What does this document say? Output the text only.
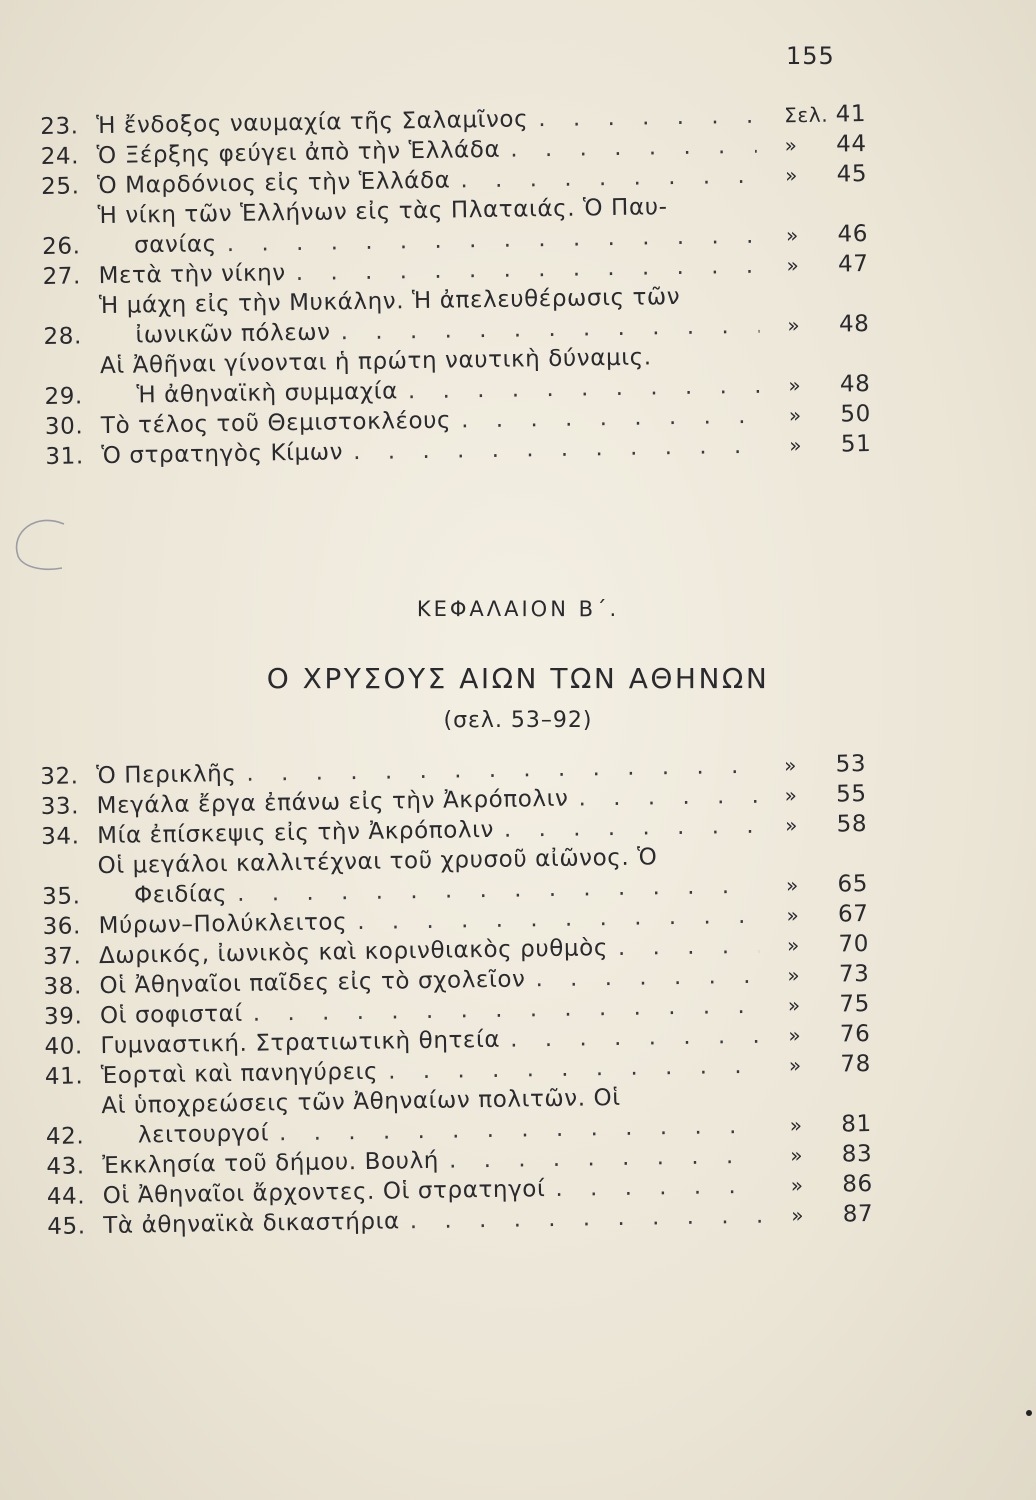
155
23. Ἡ ἔνδοξος ναυμαχία τῆς Σαλαμῖνος . . .	Σελ. 41
24. Ὁ Ξέρξης φεύγει ἀπὸ τὴν Ἑλλάδα . . .	» 44
25. Ὁ Μαρδόνιος εἰς τὴν Ἑλλάδα . . .	» 45
26.
Ἡ νίκη τῶν Ἑλλήνων εἰς τὰς Πλαταιάς. Ὁ Παυ-
σανίας . . .	» 46
27. Μετὰ τὴν νίκην . . .	» 47
28.
Ἡ μάχη εἰς τὴν Μυκάλην. Ἡ ἀπελευθέρωσις τῶν
ἰωνικῶν πόλεων . . .	» 48
29.
Αἱ Ἀθῆναι γίνονται ἡ πρώτη ναυτικὴ δύναμις.
Ἡ ἀθηναϊκὴ συμμαχία . . .	» 48
30. Τὸ τέλος τοῦ Θεμιστοκλέους . . .	» 50
31. Ὁ στρατηγὸς Κίμων . . .	» 51
ΚΕΦΑΛΑΙΟΝ Β΄.
Ο ΧΡΥΣΟΥΣ ΑΙΩΝ ΤΩΝ ΑΘΗΝΩΝ
(σελ. 53–92)
32. Ὁ Περικλῆς . . .	» 53
33. Μεγάλα ἔργα ἐπάνω εἰς τὴν Ἀκρόπολιν . . .	» 55
34. Μία ἐπίσκεψις εἰς τὴν Ἀκρόπολιν . . .	» 58
35.
Οἱ μεγάλοι καλλιτέχναι τοῦ χρυσοῦ αἰῶνος. Ὁ
Φειδίας . . .	» 65
36. Μύρων–Πολύκλειτος . . .	» 67
37. Δωρικός, ἰωνικὸς καὶ κορινθιακὸς ρυθμὸς . . .	» 70
38. Οἱ Ἀθηναῖοι παῖδες εἰς τὸ σχολεῖον . . .	» 73
39. Οἱ σοφισταί . . .	» 75
40. Γυμναστική. Στρατιωτικὴ θητεία . . .	» 76
41. Ἑορταὶ καὶ πανηγύρεις . . .	» 78
42.
Αἱ ὑποχρεώσεις τῶν Ἀθηναίων πολιτῶν. Οἱ
λειτουργοί . . .	» 81
43. Ἐκκλησία τοῦ δήμου. Βουλή . . .	» 83
44. Οἱ Ἀθηναῖοι ἄρχοντες. Οἱ στρατηγοί . . .	» 86
45. Τὰ ἀθηναϊκὰ δικαστήρια . . .	» 87
